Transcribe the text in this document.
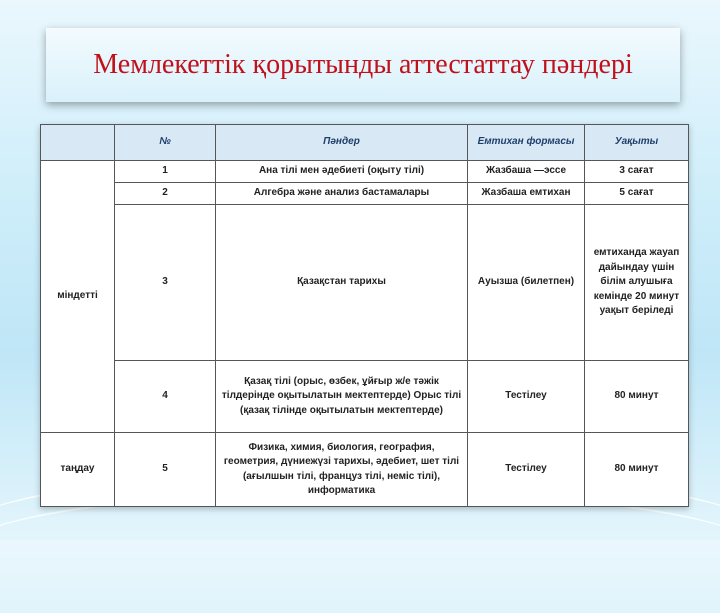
Мемлекеттік қорытынды аттестаттау пәндері
	№	Пәндер	Емтихан формасы	Уақыты
міндетті	1	Ана тілі мен әдебиеті (оқыту тілі)	Жазбаша —эссе	3 сағат
	2	Алгебра және анализ бастамалары	Жазбаша емтихан	5 сағат
	3	Қазақстан тарихы	Ауызша (билетпен)	емтиханда жауап дайындау үшін білім алушыға кемінде 20 минут уақыт беріледі
	4	Қазақ тілі (орыс, өзбек, ұйғыр ж/е тәжік тілдерінде оқытылатын мектептерде) Орыс тілі (қазақ тілінде оқытылатын мектептерде)	Тестілеу	80 минут
таңдау	5	Физика, химия, биология, география, геометрия, дүниежүзі тарихы, әдебиет, шет тілі (ағылшын тілі, француз тілі, неміс тілі), информатика	Тестілеу	80 минут
